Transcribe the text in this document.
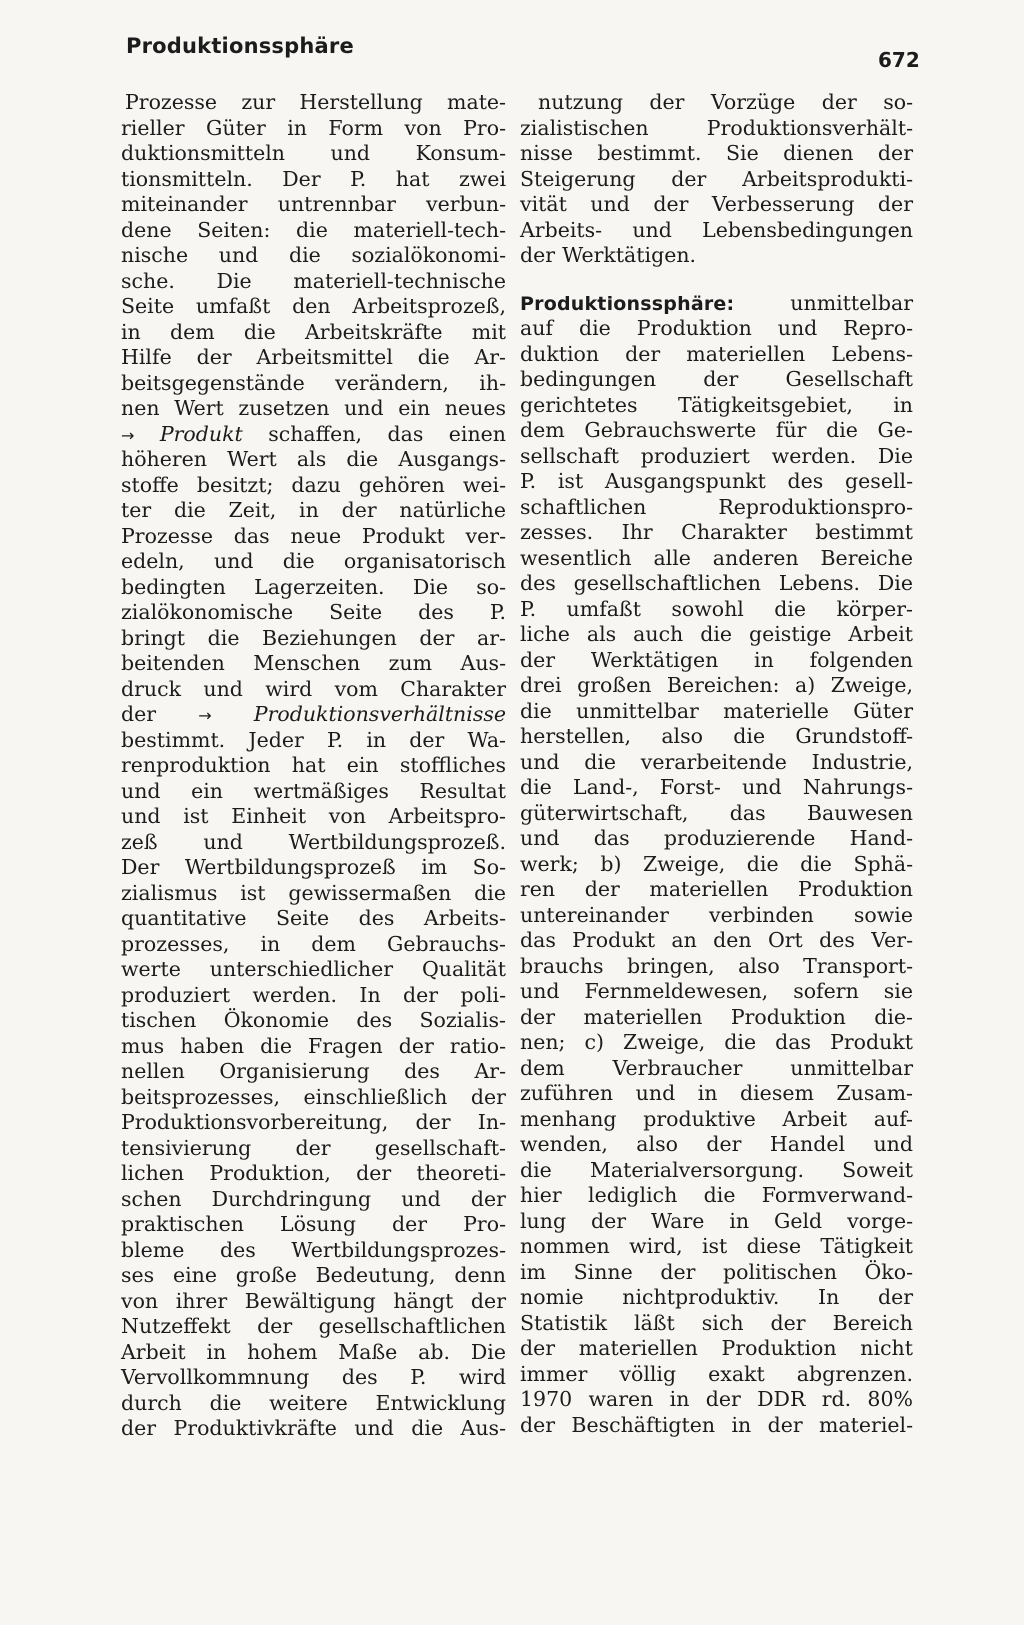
Produktionssphäre
672
Prozesse zur Herstellung mate-
rieller Güter in Form von Pro-
duktionsmitteln und Konsum-
tionsmitteln. Der P. hat zwei
miteinander untrennbar verbun-
dene Seiten: die materiell-tech-
nische und die sozialökonomi-
sche. Die materiell-technische
Seite umfaßt den Arbeitsprozeß,
in dem die Arbeitskräfte mit
Hilfe der Arbeitsmittel die Ar-
beitsgegenstände verändern, ih-
nen Wert zusetzen und ein neues
→ Produkt schaffen, das einen
höheren Wert als die Ausgangs-
stoffe besitzt; dazu gehören wei-
ter die Zeit, in der natürliche
Prozesse das neue Produkt ver-
edeln, und die organisatorisch
bedingten Lagerzeiten. Die so-
zialökonomische Seite des P.
bringt die Beziehungen der ar-
beitenden Menschen zum Aus-
druck und wird vom Charakter
der → Produktionsverhältnisse
bestimmt. Jeder P. in der Wa-
renproduktion hat ein stoffliches
und ein wertmäßiges Resultat
und ist Einheit von Arbeitspro-
zeß und Wertbildungsprozeß.
Der Wertbildungsprozeß im So-
zialismus ist gewissermaßen die
quantitative Seite des Arbeits-
prozesses, in dem Gebrauchs-
werte unterschiedlicher Qualität
produziert werden. In der poli-
tischen Ökonomie des Sozialis-
mus haben die Fragen der ratio-
nellen Organisierung des Ar-
beitsprozesses, einschließlich der
Produktionsvorbereitung, der In-
tensivierung der gesellschaft-
lichen Produktion, der theoreti-
schen Durchdringung und der
praktischen Lösung der Pro-
bleme des Wertbildungsprozes-
ses eine große Bedeutung, denn
von ihrer Bewältigung hängt der
Nutzeffekt der gesellschaftlichen
Arbeit in hohem Maße ab. Die
Vervollkommnung des P. wird
durch die weitere Entwicklung
der Produktivkräfte und die Aus-
nutzung der Vorzüge der so-
zialistischen Produktionsverhält-
nisse bestimmt. Sie dienen der
Steigerung der Arbeitsprodukti-
vität und der Verbesserung der
Arbeits- und Lebensbedingungen
der Werktätigen.
Produktionssphäre: unmittelbar
auf die Produktion und Repro-
duktion der materiellen Lebens-
bedingungen der Gesellschaft
gerichtetes Tätigkeitsgebiet, in
dem Gebrauchswerte für die Ge-
sellschaft produziert werden. Die
P. ist Ausgangspunkt des gesell-
schaftlichen Reproduktionspro-
zesses. Ihr Charakter bestimmt
wesentlich alle anderen Bereiche
des gesellschaftlichen Lebens. Die
P. umfaßt sowohl die körper-
liche als auch die geistige Arbeit
der Werktätigen in folgenden
drei großen Bereichen: a) Zweige,
die unmittelbar materielle Güter
herstellen, also die Grundstoff-
und die verarbeitende Industrie,
die Land-, Forst- und Nahrungs-
güterwirtschaft, das Bauwesen
und das produzierende Hand-
werk; b) Zweige, die die Sphä-
ren der materiellen Produktion
untereinander verbinden sowie
das Produkt an den Ort des Ver-
brauchs bringen, also Transport-
und Fernmeldewesen, sofern sie
der materiellen Produktion die-
nen; c) Zweige, die das Produkt
dem Verbraucher unmittelbar
zuführen und in diesem Zusam-
menhang produktive Arbeit auf-
wenden, also der Handel und
die Materialversorgung. Soweit
hier lediglich die Formverwand-
lung der Ware in Geld vorge-
nommen wird, ist diese Tätigkeit
im Sinne der politischen Öko-
nomie nichtproduktiv. In der
Statistik läßt sich der Bereich
der materiellen Produktion nicht
immer völlig exakt abgrenzen.
1970 waren in der DDR rd. 80%
der Beschäftigten in der materiel-
